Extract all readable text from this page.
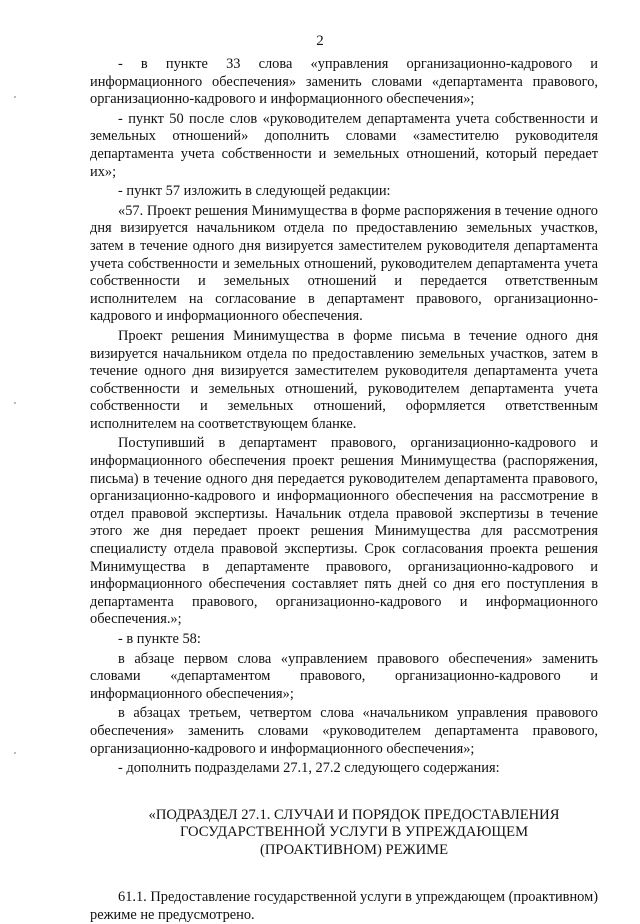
2

- в пункте 33 слова «управления организационно-кадрового и информационного обеспечения» заменить словами «департамента правового, организационно-кадрового и информационного обеспечения»;

- пункт 50 после слов «руководителем департамента учета собственности и земельных отношений» дополнить словами «заместителю руководителя департамента учета собственности и земельных отношений, который передает их»;

- пункт 57 изложить в следующей редакции:

«57. Проект решения Минимущества в форме распоряжения в течение одного дня визируется начальником отдела по предоставлению земельных участков, затем в течение одного дня визируется заместителем руководителя департамента учета собственности и земельных отношений, руководителем департамента учета собственности и земельных отношений и передается ответственным исполнителем на согласование в департамент правового, организационно-кадрового и информационного обеспечения.

Проект решения Минимущества в форме письма в течение одного дня визируется начальником отдела по предоставлению земельных участков, затем в течение одного дня визируется заместителем руководителя департамента учета собственности и земельных отношений, руководителем департамента учета собственности и земельных отношений, оформляется ответственным исполнителем на соответствующем бланке.

Поступивший в департамент правового, организационно-кадрового и информационного обеспечения проект решения Минимущества (распоряжения, письма) в течение одного дня передается руководителем департамента правового, организационно-кадрового и информационного обеспечения на рассмотрение в отдел правовой экспертизы. Начальник отдела правовой экспертизы в течение этого же дня передает проект решения Минимущества для рассмотрения специалисту отдела правовой экспертизы. Срок согласования проекта решения Минимущества в департаменте правового, организационно-кадрового и информационного обеспечения составляет пять дней со дня его поступления в департамента правового, организационно-кадрового и информационного обеспечения.»;

- в пункте 58:

в абзаце первом слова «управлением правового обеспечения» заменить словами «департаментом правового, организационно-кадрового и информационного обеспечения»;

в абзацах третьем, четвертом слова «начальником управления правового обеспечения» заменить словами «руководителем департамента правового, организационно-кадрового и информационного обеспечения»;

- дополнить подразделами 27.1, 27.2 следующего содержания:

«ПОДРАЗДЕЛ 27.1. СЛУЧАИ И ПОРЯДОК ПРЕДОСТАВЛЕНИЯ
ГОСУДАРСТВЕННОЙ УСЛУГИ В УПРЕЖДАЮЩЕМ
(ПРОАКТИВНОМ) РЕЖИМЕ

61.1. Предоставление государственной услуги в упреждающем (проактивном) режиме не предусмотрено.
